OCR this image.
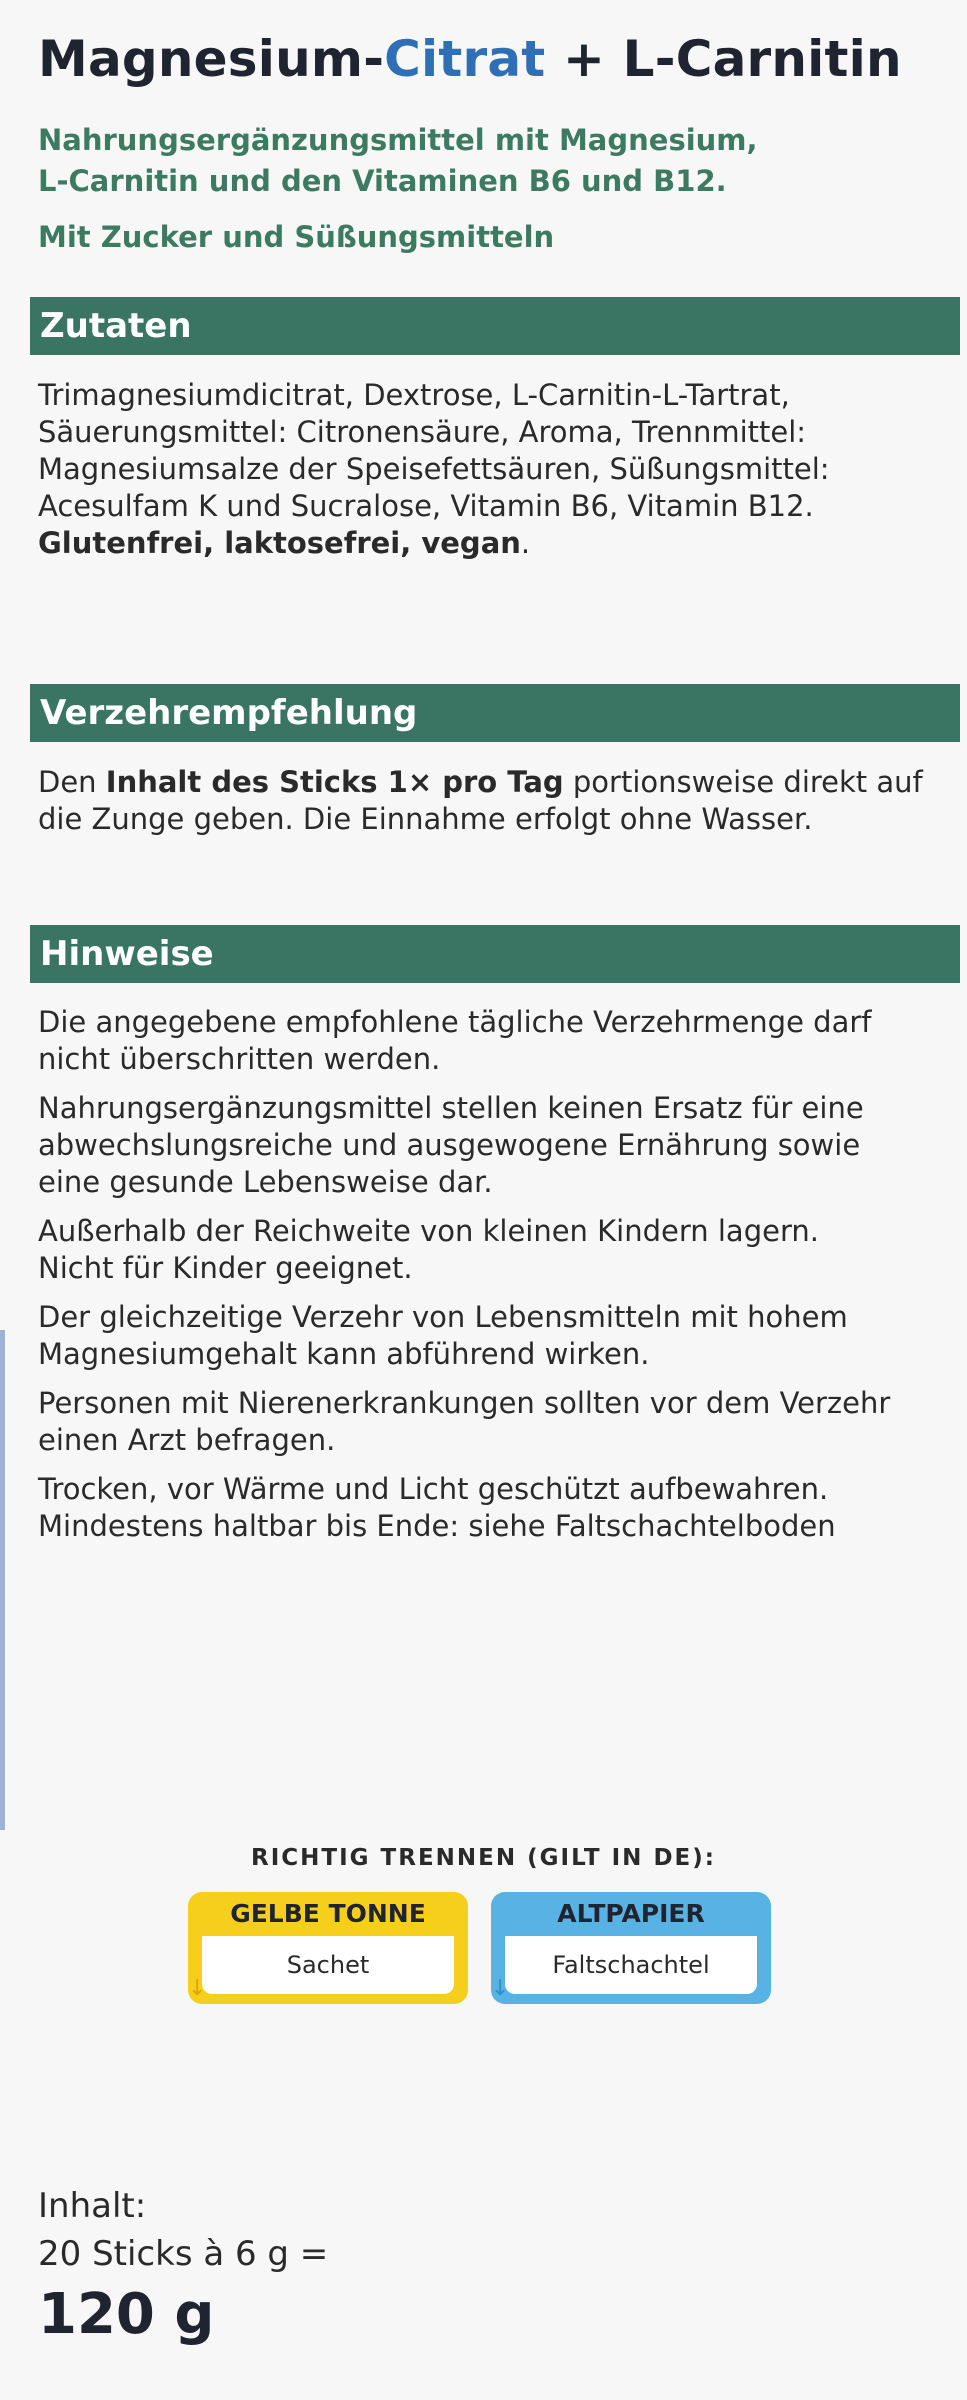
Magnesium-Citrat + L-Carnitin
Nahrungsergänzungsmittel mit Magnesium,
L-Carnitin und den Vitaminen B6 und B12.
Mit Zucker und Süßungsmitteln
Zutaten
Trimagnesiumdicitrat, Dextrose, L-Carnitin-L-Tartrat,
Säuerungsmittel: Citronensäure, Aroma, Trennmittel:
Magnesiumsalze der Speisefettsäuren, Süßungsmittel:
Acesulfam K und Sucralose, Vitamin B6, Vitamin B12.
Glutenfrei, laktosefrei, vegan.
Verzehrempfehlung
Den Inhalt des Sticks 1× pro Tag portionsweise direkt auf
die Zunge geben. Die Einnahme erfolgt ohne Wasser.
Hinweise

Die angegebene empfohlene tägliche Verzehrmenge darf
nicht überschritten werden.

Nahrungsergänzungsmittel stellen keinen Ersatz für eine
abwechslungsreiche und ausgewogene Ernährung sowie
eine gesunde Lebensweise dar.

Außerhalb der Reichweite von kleinen Kindern lagern.
Nicht für Kinder geeignet.

Der gleichzeitige Verzehr von Lebensmitteln mit hohem
Magnesiumgehalt kann abführend wirken.

Personen mit Nierenerkrankungen sollten vor dem Verzehr
einen Arzt befragen.

Trocken, vor Wärme und Licht geschützt aufbewahren.
Mindestens haltbar bis Ende: siehe Faltschachtelboden

RICHTIG TRENNEN (GILT IN DE):
GELBE TONNE
Sachet
↓
ALTPAPIER
Faltschachtel
↓
Inhalt:
20 Sticks à 6 g =
120 g
